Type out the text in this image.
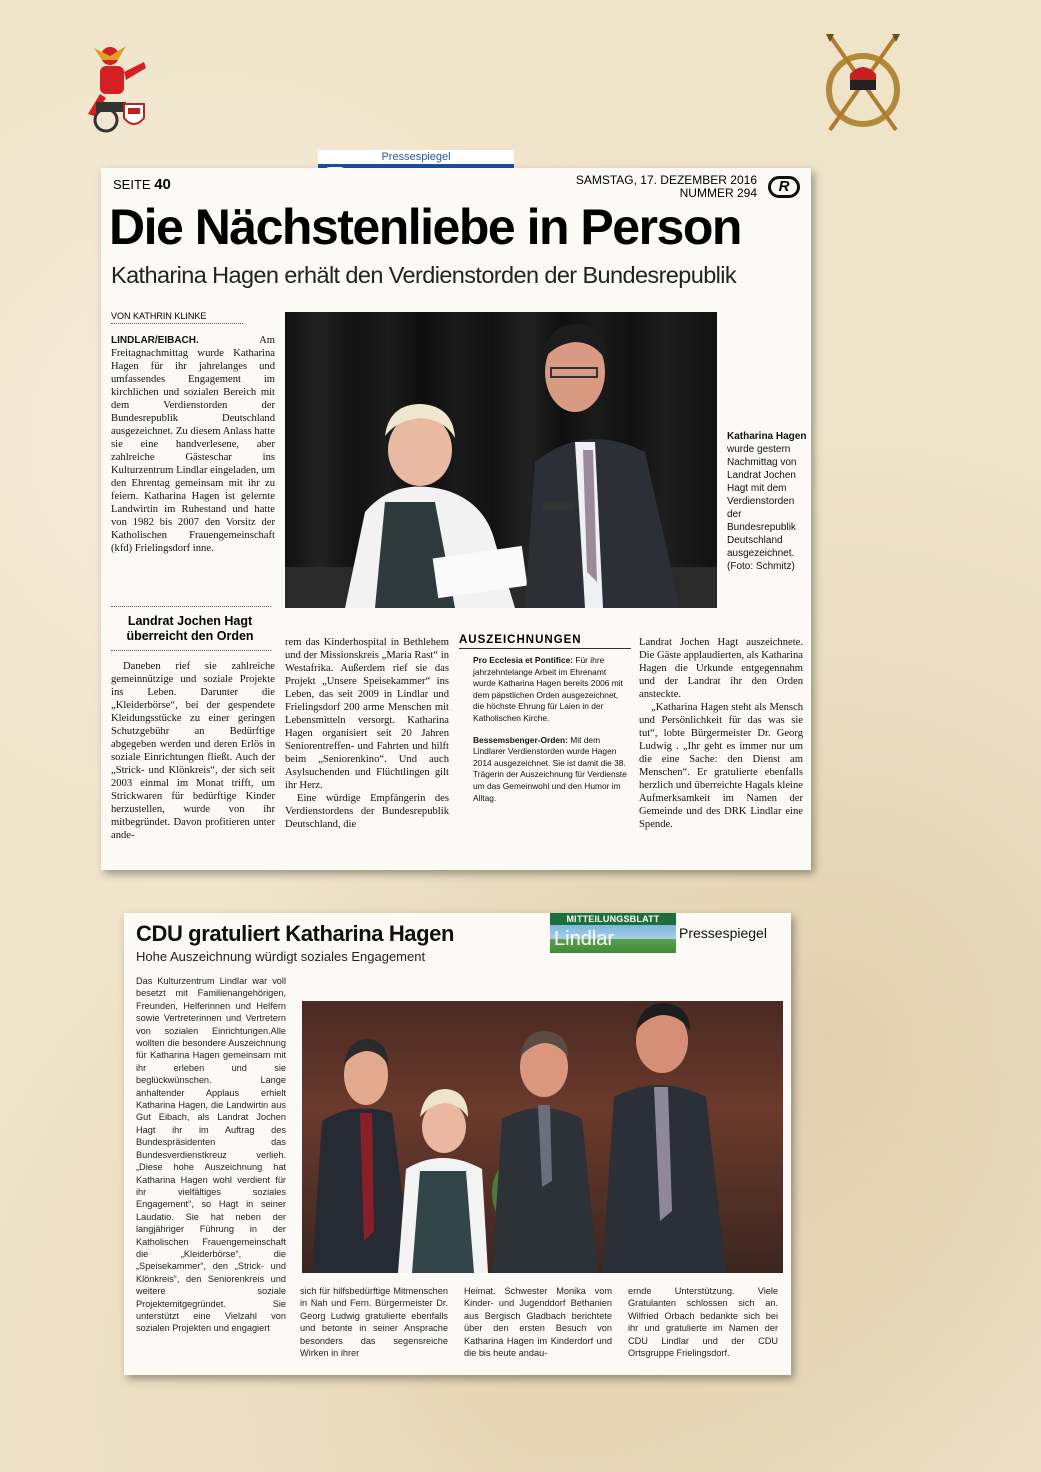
Pressespiegel
SEITE 40	SAMSTAG, 17. DEZEMBER 2016
NUMMER 294	R
Die Nächstenliebe in Person
Katharina Hagen erhält den Verdienstorden der Bundesrepublik
VON KATHRIN KLINKE
LINDLAR/EIBACH. Am Freitagnachmittag wurde Katharina Hagen für ihr jahrelanges und umfassendes Engagement im kirchlichen und sozialen Bereich mit dem Verdienstorden der Bundesrepublik Deutschland ausgezeichnet. Zu diesem Anlass hatte sie eine handverlesene, aber zahlreiche Gästeschar ins Kulturzentrum Lindlar eingeladen, um den Ehrentag gemeinsam mit ihr zu feiern. Katharina Hagen ist gelernte Landwirtin im Ruhestand und hatte von 1982 bis 2007 den Vorsitz der Katholischen Frauengemeinschaft (kfd) Frielingsdorf inne.
Katharina Hagen wurde gestern Nachmittag von Landrat Jochen Hagt mit dem Verdienstorden der Bundesrepublik Deutschland ausgezeichnet. (Foto: Schmitz)
Landrat Jochen Hagt überreicht den Orden
Daneben rief sie zahlreiche gemeinnützige und soziale Projekte ins Leben. Darunter die „Kleiderbörse“, bei der gespendete Kleidungsstücke zu einer geringen Schutzgebühr an Bedürftige abgegeben werden und deren Erlös in soziale Einrichtungen fließt. Auch der „Strick- und Klönkreis“, der sich seit 2003 einmal im Monat trifft, um Strickwaren für bedürftige Kinder herzustellen, wurde von ihr mitbegründet. Davon profitieren unter ande-
rem das Kinderhospital in Bethlehem und der Missionskreis „Maria Rast“ in Westafrika. Außerdem rief sie das Projekt „Unsere Speisekammer“ ins Leben, das seit 2009 in Lindlar und Frielingsdorf 200 arme Menschen mit Lebensmitteln versorgt. Katharina Hagen organisiert seit 20 Jahren Seniorentreffen- und Fahrten und hilft beim „Seniorenkino“. Und auch Asylsuchenden und Flüchtlingen gilt ihr Herz.
Eine würdige Empfängerin des Verdienstordens der Bundesrepublik Deutschland, die
AUSZEICHNUNGEN
Pro Ecclesia et Pontifice: Für ihre jahrzehntelange Arbeit im Ehrenamt wurde Katharina Hagen bereits 2006 mit dem päpstlichen Orden ausgezeichnet, die höchste Ehrung für Laien in der Katholischen Kirche.
Bessemsbenger-Orden: Mit dem Lindlarer Verdienstorden wurde Hagen 2014 ausgezeichnet. Sie ist damit die 38. Trägerin der Auszeichnung für Verdienste um das Gemeinwohl und den Humor im Alltag.
Landrat Jochen Hagt auszeichnete. Die Gäste applaudierten, als Katharina Hagen die Urkunde entgegennahm und der Landrat ihr den Orden ansteckte.
„Katharina Hagen steht als Mensch und Persönlichkeit für das was sie tut“, lobte Bürgermeister Dr. Georg Ludwig . „Ihr geht es immer nur um die eine Sache: den Dienst am Menschen“. Er gratulierte ebenfalls herzlich und überreichte Hagals kleine Aufmerksamkeit im Namen der Gemeinde und des DRK Lindlar eine Spende.
CDU gratuliert Katharina Hagen
Hohe Auszeichnung würdigt soziales Engagement
MITTEILUNGSBLATT
Lindlar	Pressespiegel
Das Kulturzentrum Lindlar war voll besetzt mit Familienangehörigen, Freunden, Helferinnen und Helfern sowie Vertreterinnen und Vertretern von sozialen Einrichtungen.Alle wollten die besondere Auszeichnung für Katharina Hagen gemeinsam mit ihr erleben und sie beglückwünschen. Lange anhaltender Applaus erhielt Katharina Hagen, die Landwirtin aus Gut Eibach, als Landrat Jochen Hagt ihr im Auftrag des Bundespräsidenten das Bundesverdienstkreuz verlieh. „Diese hohe Auszeichnung hat Katharina Hagen wohl verdient für ihr vielfältiges soziales Engagement“, so Hagt in seiner Laudatio. Sie hat neben der langjähriger Führung in der Katholischen Frauengemeinschaft die „Kleiderbörse“, die „Speisekammer“, den „Strick- und Klönkreis“, den Seniorenkreis und weitere soziale Projektemitgegründet. Sie unterstützt eine Vielzahl von sozialen Projekten und engagiert
sich für hilfsbedürftige Mitmenschen in Nah und Fern. Bürgermeister Dr. Georg Ludwig gratulierte ebenfalls und betonte in seiner Ansprache besonders das segensreiche Wirken in ihrer
Heimat. Schwester Monika vom Kinder- und Jugenddorf Bethanien aus Bergisch Gladbach berichtete über den ersten Besuch von Katharina Hagen im Kinderdorf und die bis heute andau-
ernde Unterstützung. Viele Gratulanten schlossen sich an. Wilfried Orbach bedankte sich bei ihr und gratulierte im Namen der CDU Lindlar und der CDU Ortsgruppe Frielingsdorf.
